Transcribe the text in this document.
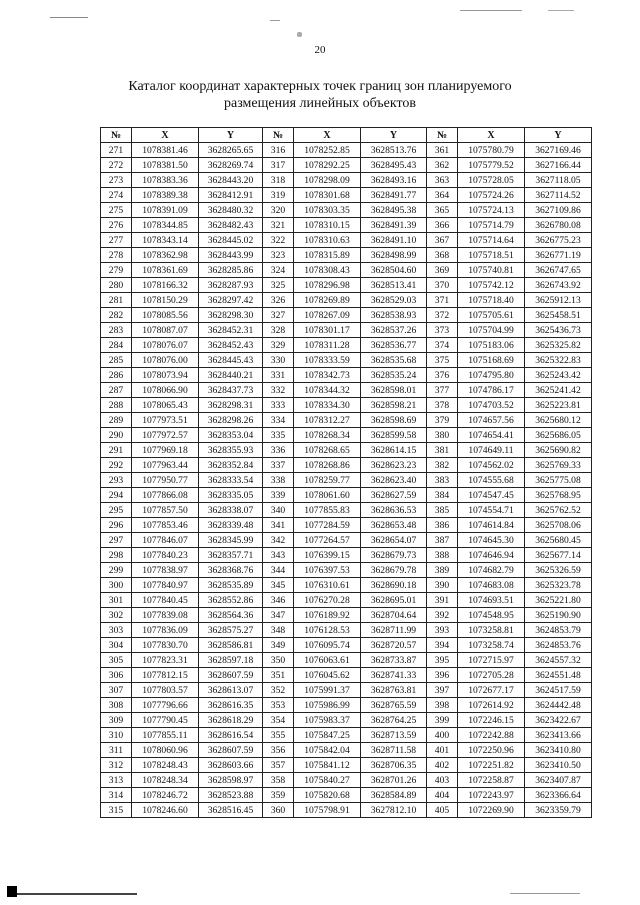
20
Каталог координат характерных точек границ зон планируемого
размещения линейных объектов
№	X	Y	№	X	Y	№	X	Y
271	1078381.46	3628265.65	316	1078252.85	3628513.76	361	1075780.79	3627169.46
272	1078381.50	3628269.74	317	1078292.25	3628495.43	362	1075779.52	3627166.44
273	1078383.36	3628443.20	318	1078298.09	3628493.16	363	1075728.05	3627118.05
274	1078389.38	3628412.91	319	1078301.68	3628491.77	364	1075724.26	3627114.52
275	1078391.09	3628480.32	320	1078303.35	3628495.38	365	1075724.13	3627109.86
276	1078344.85	3628482.43	321	1078310.15	3628491.39	366	1075714.79	3626780.08
277	1078343.14	3628445.02	322	1078310.63	3628491.10	367	1075714.64	3626775.23
278	1078362.98	3628443.99	323	1078315.89	3628498.99	368	1075718.51	3626771.19
279	1078361.69	3628285.86	324	1078308.43	3628504.60	369	1075740.81	3626747.65
280	1078166.32	3628287.93	325	1078296.98	3628513.41	370	1075742.12	3626743.92
281	1078150.29	3628297.42	326	1078269.89	3628529.03	371	1075718.40	3625912.13
282	1078085.56	3628298.30	327	1078267.09	3628538.93	372	1075705.61	3625458.51
283	1078087.07	3628452.31	328	1078301.17	3628537.26	373	1075704.99	3625436.73
284	1078076.07	3628452.43	329	1078311.28	3628536.77	374	1075183.06	3625325.82
285	1078076.00	3628445.43	330	1078333.59	3628535.68	375	1075168.69	3625322.83
286	1078073.94	3628440.21	331	1078342.73	3628535.24	376	1074795.80	3625243.42
287	1078066.90	3628437.73	332	1078344.32	3628598.01	377	1074786.17	3625241.42
288	1078065.43	3628298.31	333	1078334.30	3628598.21	378	1074703.52	3625223.81
289	1077973.51	3628298.26	334	1078312.27	3628598.69	379	1074657.56	3625680.12
290	1077972.57	3628353.04	335	1078268.34	3628599.58	380	1074654.41	3625686.05
291	1077969.18	3628355.93	336	1078268.65	3628614.15	381	1074649.11	3625690.82
292	1077963.44	3628352.84	337	1078268.86	3628623.23	382	1074562.02	3625769.33
293	1077950.77	3628333.54	338	1078259.77	3628623.40	383	1074555.68	3625775.08
294	1077866.08	3628335.05	339	1078061.60	3628627.59	384	1074547.45	3625768.95
295	1077857.50	3628338.07	340	1077855.83	3628636.53	385	1074554.71	3625762.52
296	1077853.46	3628339.48	341	1077284.59	3628653.48	386	1074614.84	3625708.06
297	1077846.07	3628345.99	342	1077264.57	3628654.07	387	1074645.30	3625680.45
298	1077840.23	3628357.71	343	1076399.15	3628679.73	388	1074646.94	3625677.14
299	1077838.97	3628368.76	344	1076397.53	3628679.78	389	1074682.79	3625326.59
300	1077840.97	3628535.89	345	1076310.61	3628690.18	390	1074683.08	3625323.78
301	1077840.45	3628552.86	346	1076270.28	3628695.01	391	1074693.51	3625221.80
302	1077839.08	3628564.36	347	1076189.92	3628704.64	392	1074548.95	3625190.90
303	1077836.09	3628575.27	348	1076128.53	3628711.99	393	1073258.81	3624853.79
304	1077830.70	3628586.81	349	1076095.74	3628720.57	394	1073258.74	3624853.76
305	1077823.31	3628597.18	350	1076063.61	3628733.87	395	1072715.97	3624557.32
306	1077812.15	3628607.59	351	1076045.62	3628741.33	396	1072705.28	3624551.48
307	1077803.57	3628613.07	352	1075991.37	3628763.81	397	1072677.17	3624517.59
308	1077796.66	3628616.35	353	1075986.99	3628765.59	398	1072614.92	3624442.48
309	1077790.45	3628618.29	354	1075983.37	3628764.25	399	1072246.15	3623422.67
310	1077855.11	3628616.54	355	1075847.25	3628713.59	400	1072242.88	3623413.66
311	1078060.96	3628607.59	356	1075842.04	3628711.58	401	1072250.96	3623410.80
312	1078248.43	3628603.66	357	1075841.12	3628706.35	402	1072251.82	3623410.50
313	1078248.34	3628598.97	358	1075840.27	3628701.26	403	1072258.87	3623407.87
314	1078246.72	3628523.88	359	1075820.68	3628584.89	404	1072243.97	3623366.64
315	1078246.60	3628516.45	360	1075798.91	3627812.10	405	1072269.90	3623359.79
